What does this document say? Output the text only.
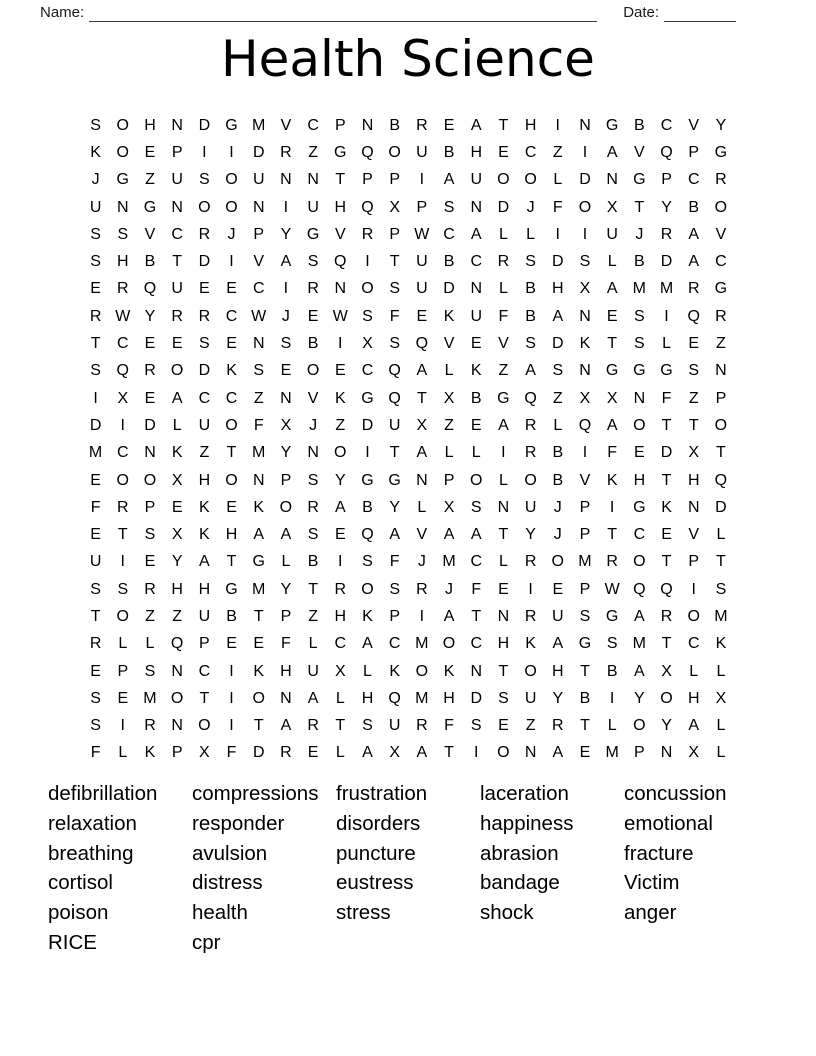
Name:	Date:
Health Science
S O H N D G M V	C	P	N	B	R	E	A	T	H	I	N G B	C	V	Y
K O E	P	I	I	D R	Z	G Q O U	B	H	E	C	Z	I	A	V Q P G
J	G	Z	U	S O U N N	T	P	P	I	A	U O O	L	D N G P	C R
U N G N O O N	I	U H Q X	P	S	N D	J	F	O X	T	Y	B O
S	S	V	C R	J	P	Y G V	R	P W C	A	L	L	I	I	U	J	R	A	V
S	H	B	T	D	I	V	A	S Q	I	T	U	B	C R	S	D	S	L	B	D	A	C
E	R Q U	E	E	C	I	R N O S	U D N	L	B	H	X	A M M R G
R W Y	R R C W J	E W S	F	E	K	U	F	B	A	N	E	S	I	Q R
T	C	E	E	S	E	N	S	B	I	X	S Q V	E	V	S	D	K	T	S	L	E	Z
S Q R O D	K	S	E O E	C Q A	L	K	Z	A	S	N G G G S	N
I	X	E	A	C C	Z	N	V	K G Q	T	X	B G Q	Z	X	X	N	F	Z	P
D	I	D	L	U O	F	X	J	Z	D U	X	Z	E	A	R	L	Q A O	T	T	O
M C N	K	Z	T M Y	N O	I	T	A	L	L	I	R	B	I	F	E	D	X	T
E O O X	H O N	P	S	Y G G N	P O	L	O B	V	K	H	T	H Q
F	R	P	E	K	E	K O R	A	B	Y	L	X	S	N U	J	P	I	G K	N D
E	T	S	X	K	H	A	A	S	E Q A	V	A	A	T	Y	J	P	T	C	E	V	L
U	I	E	Y	A	T	G	L	B	I	S	F	J	M C	L	R O M R O	T	P	T
S	S	R H H G M Y	T	R O S	R	J	F	E	I	E	P W Q Q	I	S
T	O	Z	Z	U	B	T	P	Z	H	K	P	I	A	T	N R U	S G A	R O M
R	L	L	Q P	E	E	F	L	C	A	C M O C H	K	A G S M T	C	K
E	P	S	N C	I	K	H U	X	L	K O K	N	T	O H	T	B	A	X	L	L
S	E M O	T	I	O N	A	L	H Q M H D	S	U	Y	B	I	Y O H	X
S	I	R N O	I	T	A	R	T	S	U R	F	S	E	Z	R	T	L	O Y	A	L
F	L	K	P	X	F	D R	E	L	A	X	A	T	I	O N	A	E M P	N	X	L
defibrillation
relaxation
breathing
cortisol
poison
RICE
compressions
responder
avulsion
distress
health
cpr
frustration
disorders
puncture
eustress
stress
laceration
happiness
abrasion
bandage
shock
concussion
emotional
fracture
Victim
anger
